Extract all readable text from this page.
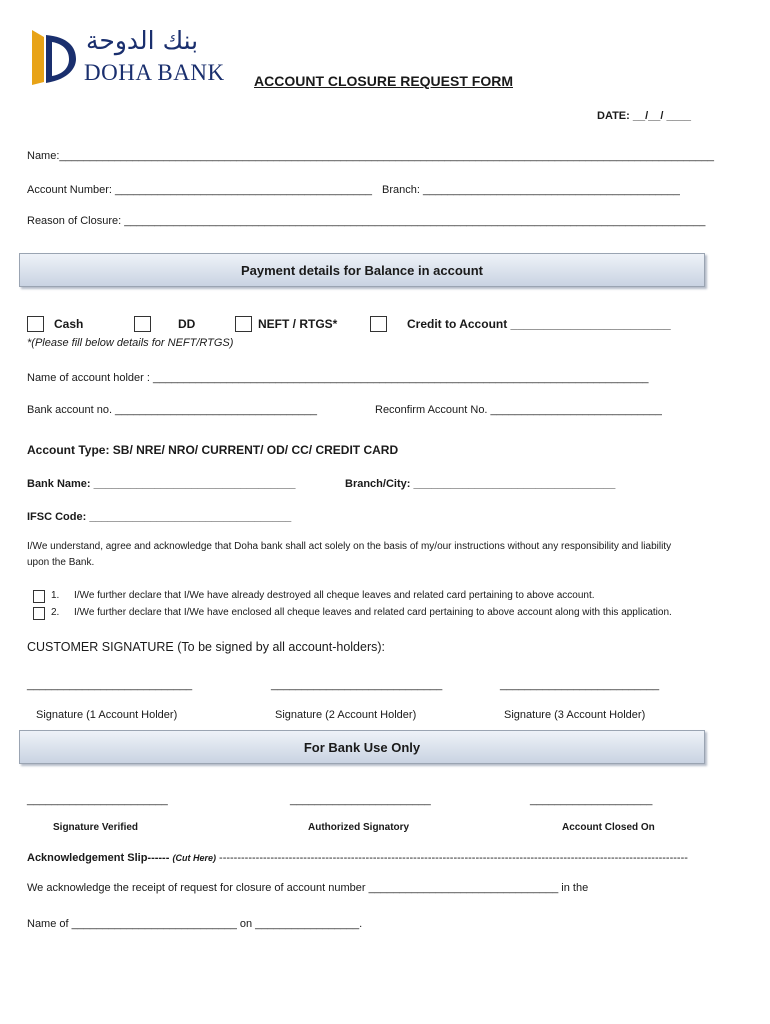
بنك الدوحة
DOHA BANK ACCOUNT CLOSURE REQUEST FORM
DATE: __/__/ ____
Name:___________________________________________________________________________________________________________
Account Number: __________________________________________ Branch: __________________________________________
Reason of Closure: _______________________________________________________________________________________________
Payment details for Balance in account
Cash	DD	NEFT / RTGS*	Credit to Account ________________________
*(Please fill below details for NEFT/RTGS)
Name of account holder : _________________________________________________________________________________
Bank account no. _________________________________	Reconfirm Account No. ____________________________
Account Type: SB/ NRE/ NRO/ CURRENT/ OD/ CC/ CREDIT CARD
Bank Name: _________________________________	Branch/City: _________________________________
IFSC Code: _________________________________
I/We understand, agree and acknowledge that Doha bank shall act solely on the basis of my/our instructions without any responsibility and liability
upon the Bank.
1. I/We further declare that I/We have already destroyed all cheque leaves and related card pertaining to above account.
2. I/We further declare that I/We have enclosed all cheque leaves and related card pertaining to above account along with this application.
CUSTOMER SIGNATURE (To be signed by all account-holders):
___________________________	____________________________	__________________________
Signature (1 Account Holder)	Signature (2 Account Holder)	Signature (3 Account Holder)
For Bank Use Only
_______________________	_______________________	____________________
Signature Verified	Authorized Signatory	Account Closed On
Acknowledgement Slip------ (Cut Here) --------------------------------------------------------------------------------------------------------------------------------
We acknowledge the receipt of request for closure of account number _______________________________ in the
Name of ___________________________ on _________________.
